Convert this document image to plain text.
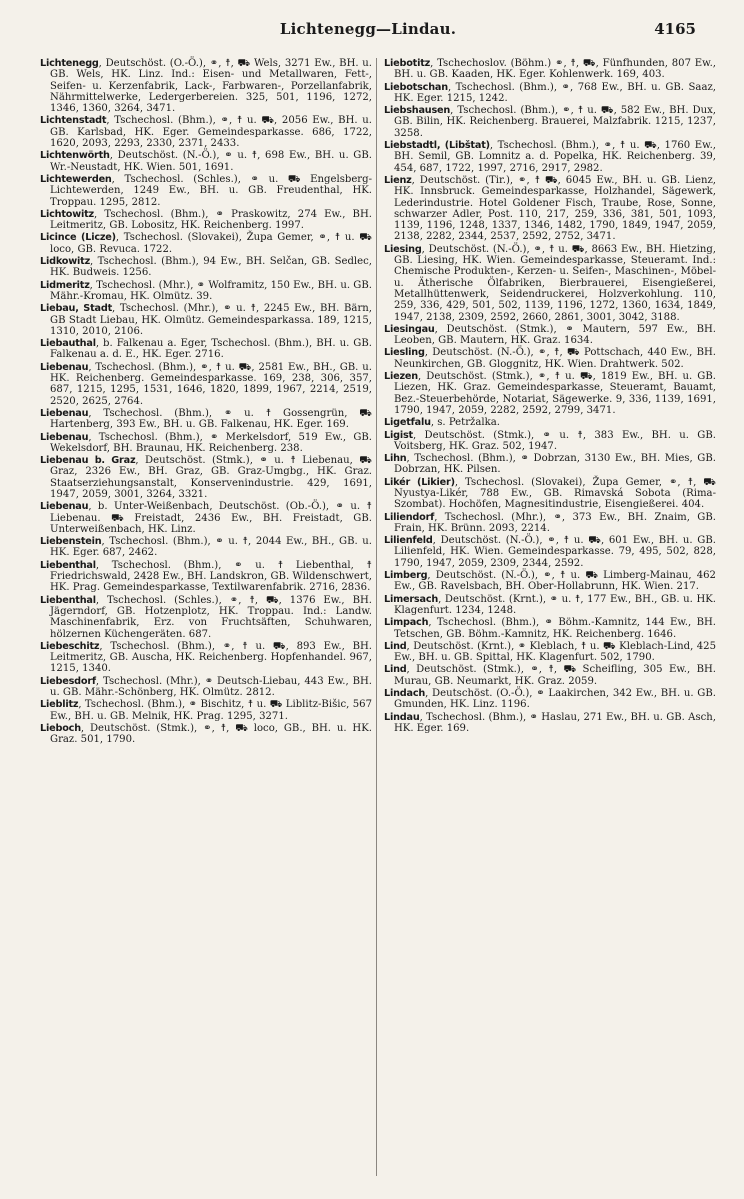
Lichtenegg—Lindau.	4165

Lichtenegg, Deutschöst. (O.-Ö.), ⚭, ☨, ⛟ Wels, 3271 Ew., BH. u. GB. Wels, HK. Linz. Ind.: Eisen- und Metallwaren, Fett-, Seifen- u. Kerzenfabrik, Lack-, Farbwaren-, Porzellanfabrik, Nährmittelwerke, Ledergerbereien. 325, 501, 1196, 1272, 1346, 1360, 3264, 3471.

Lichtenstadt, Tschechosl. (Bhm.), ⚭, ☨ u. ⛟, 2056 Ew., BH. u. GB. Karlsbad, HK. Eger. Gemeindesparkasse. 686, 1722, 1620, 2093, 2293, 2330, 2371, 2433.

Lichtenwörth, Deutschöst. (N.-Ö.), ⚭ u. ☨, 698 Ew., BH. u. GB. Wr.-Neustadt, HK. Wien. 501, 1691.

Lichtewerden, Tschechosl. (Schles.), ⚭ u. ⛟ Engelsberg-Lichtewerden, 1249 Ew., BH. u. GB. Freudenthal, HK. Troppau. 1295, 2812.

Lichtowitz, Tschechosl. (Bhm.), ⚭ Praskowitz, 274 Ew., BH. Leitmeritz, GB. Lobositz, HK. Reichenberg. 1997.

Licince (Licze), Tschechosl. (Slovakei), Župa Gemer, ⚭, ☨ u. ⛟ loco, GB. Revuca. 1722.

Lidkowitz, Tschechosl. (Bhm.), 94 Ew., BH. Selčan, GB. Sedlec, HK. Budweis. 1256.

Lidmeritz, Tschechosl. (Mhr.), ⚭ Wolframitz, 150 Ew., BH. u. GB. Mähr.-Kromau, HK. Olmütz. 39.

Liebau, Stadt, Tschechosl. (Mhr.), ⚭ u. ☨, 2245 Ew., BH. Bärn, GB Stadt Liebau, HK. Olmütz. Gemeindesparkassa. 189, 1215, 1310, 2010, 2106.

Liebauthal, b. Falkenau a. Eger, Tschechosl. (Bhm.), BH. u. GB. Falkenau a. d. E., HK. Eger. 2716.

Liebenau, Tschechosl. (Bhm.), ⚭, ☨ u. ⛟, 2581 Ew., BH., GB. u. HK. Reichenberg. Gemeindesparkasse. 169, 238, 306, 357, 687, 1215, 1295, 1531, 1646, 1820, 1899, 1967, 2214, 2519, 2520, 2625, 2764.

Liebenau, Tschechosl. (Bhm.), ⚭ u. ☨ Gossengrün, ⛟ Hartenberg, 393 Ew., BH. u. GB. Falkenau, HK. Eger. 169.

Liebenau, Tschechosl. (Bhm.), ⚭ Merkelsdorf, 519 Ew., GB. Wekelsdorf, BH. Braunau, HK. Reichenberg. 238.

Liebenau b. Graz, Deutschöst. (Stmk.), ⚭ u. ☨ Liebenau, ⛟ Graz, 2326 Ew., BH. Graz, GB. Graz-Umgbg., HK. Graz. Staatserziehungsanstalt, Konservenindustrie. 429, 1691, 1947, 2059, 3001, 3264, 3321.

Liebenau, b. Unter-Weißenbach, Deutschöst. (Ob.-Ö.), ⚭ u. ☨ Liebenau. ⛟ Freistadt, 2436 Ew., BH. Freistadt, GB. Unterweißenbach, HK. Linz.

Liebenstein, Tschechosl. (Bhm.), ⚭ u. ☨, 2044 Ew., BH., GB. u. HK. Eger. 687, 2462.

Liebenthal, Tschechosl. (Bhm.), ⚭ u. ☨ Liebenthal, ☨ Friedrichswald, 2428 Ew., BH. Landskron, GB. Wildenschwert, HK. Prag. Gemeindesparkasse, Textilwarenfabrik. 2716, 2836.

Liebenthal, Tschechosl. (Schles.), ⚭, ☨, ⛟, 1376 Ew., BH. Jägerndorf, GB. Hotzenplotz, HK. Troppau. Ind.: Landw. Maschinenfabrik, Erz. von Fruchtsäften, Schuhwaren, hölzernen Küchengeräten. 687.

Liebeschitz, Tschechosl. (Bhm.), ⚭, ☨ u. ⛟, 893 Ew., BH. Leitmeritz, GB. Auscha, HK. Reichenberg. Hopfenhandel. 967, 1215, 1340.

Liebesdorf, Tschechosl. (Mhr.), ⚭ Deutsch-Liebau, 443 Ew., BH. u. GB. Mähr.-Schönberg, HK. Olmütz. 2812.

Lieblitz, Tschechosl. (Bhm.), ⚭ Bischitz, ☨ u. ⛟ Liblitz-Bišic, 567 Ew., BH. u. GB. Melnik, HK. Prag. 1295, 3271.

Lieboch, Deutschöst. (Stmk.), ⚭, ☨, ⛟ loco, GB., BH. u. HK. Graz. 501, 1790.

Liebotitz, Tschechoslov. (Böhm.) ⚭, ☨, ⛟, Fünfhunden, 807 Ew., BH. u. GB. Kaaden, HK. Eger. Kohlenwerk. 169, 403.

Liebotschan, Tschechosl. (Bhm.), ⚭, 768 Ew., BH. u. GB. Saaz, HK. Eger. 1215, 1242.

Liebshausen, Tschechosl. (Bhm.), ⚭, ☨ u. ⛟, 582 Ew., BH. Dux, GB. Bilin, HK. Reichenberg. Brauerei, Malzfabrik. 1215, 1237, 3258.

Liebstadtl, (Libštat), Tschechosl. (Bhm.), ⚭, ☨ u. ⛟, 1760 Ew., BH. Semil, GB. Lomnitz a. d. Popelka, HK. Reichenberg. 39, 454, 687, 1722, 1997, 2716, 2917, 2982.

Lienz, Deutschöst. (Tir.), ⚭, ☨ ⛟, 6045 Ew., BH. u. GB. Lienz, HK. Innsbruck. Gemeindesparkasse, Holzhandel, Sägewerk, Lederindustrie. Hotel Goldener Fisch, Traube, Rose, Sonne, schwarzer Adler, Post. 110, 217, 259, 336, 381, 501, 1093, 1139, 1196, 1248, 1337, 1346, 1482, 1790, 1849, 1947, 2059, 2138, 2282, 2344, 2537, 2592, 2752, 3471.

Liesing, Deutschöst. (N.-Ö.), ⚭, ☨ u. ⛟, 8663 Ew., BH. Hietzing, GB. Liesing, HK. Wien. Gemeindesparkasse, Steueramt. Ind.: Chemische Produkten-, Kerzen- u. Seifen-, Maschinen-, Möbel- u. Ätherische Ölfabriken, Bierbrauerei, Eisengießerei, Metallhüttenwerk, Seidendruckerei, Holzverkohlung. 110, 259, 336, 429, 501, 502, 1139, 1196, 1272, 1360, 1634, 1849, 1947, 2138, 2309, 2592, 2660, 2861, 3001, 3042, 3188.

Liesingau, Deutschöst. (Stmk.), ⚭ Mautern, 597 Ew., BH. Leoben, GB. Mautern, HK. Graz. 1634.

Liesling, Deutschöst. (N.-Ö.), ⚭, ☨, ⛟ Pottschach, 440 Ew., BH. Neunkirchen, GB. Gloggnitz, HK. Wien. Drahtwerk. 502.

Liezen, Deutschöst. (Stmk.), ⚭, ☨ u. ⛟, 1819 Ew., BH. u. GB. Liezen, HK. Graz. Gemeindesparkasse, Steueramt, Bauamt, Bez.-Steuerbehörde, Notariat, Sägewerke. 9, 336, 1139, 1691, 1790, 1947, 2059, 2282, 2592, 2799, 3471.

Ligetfalu, s. Petržalka.

Ligist, Deutschöst. (Stmk.), ⚭ u. ☨, 383 Ew., BH. u. GB. Voitsberg, HK. Graz. 502, 1947.

Lihn, Tschechosl. (Bhm.), ⚭ Dobrzan, 3130 Ew., BH. Mies, GB. Dobrzan, HK. Pilsen.

Likér (Likier), Tschechosl. (Slovakei), Župa Gemer, ⚭, ☨, ⛟ Nyustya-Likér, 788 Ew., GB. Rimavská Sobota (Rima-Szombat). Hochöfen, Magnesitindustrie, Eisengießerei. 404.

Liliendorf, Tschechosl. (Mhr.), ⚭, 373 Ew., BH. Znaim, GB. Frain, HK. Brünn. 2093, 2214.

Lilienfeld, Deutschöst. (N.-Ö.), ⚭, ☨ u. ⛟, 601 Ew., BH. u. GB. Lilienfeld, HK. Wien. Gemeindesparkasse. 79, 495, 502, 828, 1790, 1947, 2059, 2309, 2344, 2592.

Limberg, Deutschöst. (N.-Ö.), ⚭, ☨ u. ⛟ Limberg-Mainau, 462 Ew., GB. Ravelsbach, BH. Ober-Hollabrunn, HK. Wien. 217.

Limersach, Deutschöst. (Krnt.), ⚭ u. ☨, 177 Ew., BH., GB. u. HK. Klagenfurt. 1234, 1248.

Limpach, Tschechosl. (Bhm.), ⚭ Böhm.-Kamnitz, 144 Ew., BH. Tetschen, GB. Böhm.-Kamnitz, HK. Reichenberg. 1646.

Lind, Deutschöst. (Krnt.), ⚭ Kleblach, ☨ u. ⛟ Kleblach-Lind, 425 Ew., BH. u. GB. Spittal, HK. Klagenfurt. 502, 1790.

Lind, Deutschöst. (Stmk.), ⚭, ☨, ⛟ Scheifling, 305 Ew., BH. Murau, GB. Neumarkt, HK. Graz. 2059.

Lindach, Deutschöst. (O.-Ö.), ⚭ Laakirchen, 342 Ew., BH. u. GB. Gmunden, HK. Linz. 1196.

Lindau, Tschechosl. (Bhm.), ⚭ Haslau, 271 Ew., BH. u. GB. Asch, HK. Eger. 169.
